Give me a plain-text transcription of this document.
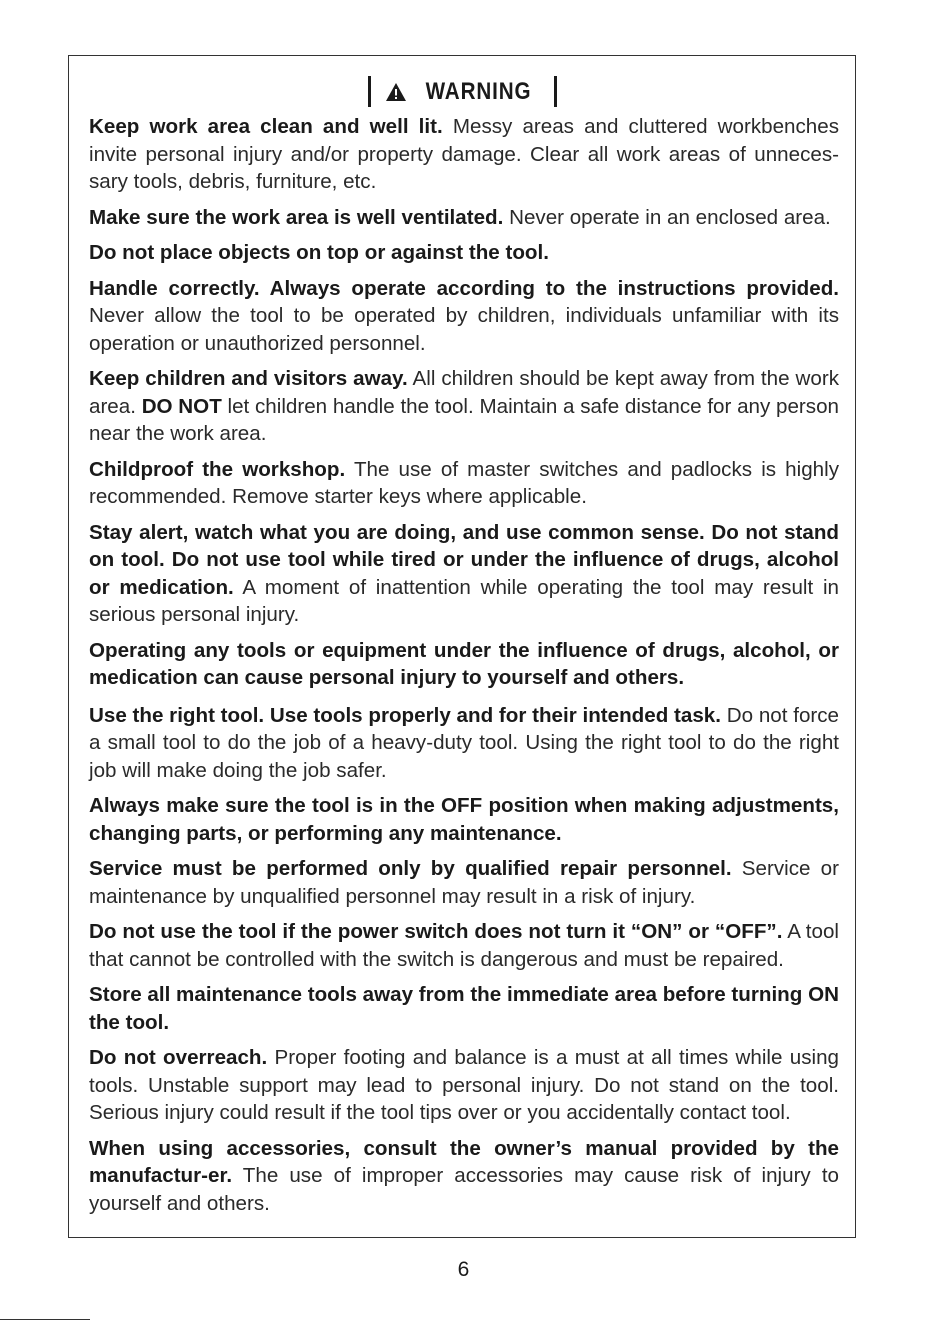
WARNING

Keep work area clean and well lit. Messy areas and cluttered workbenches invite personal injury and/or property damage. Clear all work areas of unneces-sary tools, debris, furniture, etc.

Make sure the work area is well ventilated. Never operate in an enclosed area.

Do not place objects on top or against the tool.

Handle correctly. Always operate according to the instructions provided. Never allow the tool to be operated by children, individuals unfamiliar with its operation or unauthorized personnel.

Keep children and visitors away. All children should be kept away from the work area. DO NOT let children handle the tool. Maintain a safe distance for any person near the work area.

Childproof the workshop. The use of master switches and padlocks is highly recommended. Remove starter keys where applicable.

Stay alert, watch what you are doing, and use common sense. Do not stand on tool. Do not use tool while tired or under the influence of drugs, alcohol or medication. A moment of inattention while operating the tool may result in serious personal injury.

Operating any tools or equipment under the influence of drugs, alcohol, or medication can cause personal injury to yourself and others.

Use the right tool. Use tools properly and for their intended task. Do not force a small tool to do the job of a heavy-duty tool. Using the right tool to do the right job will make doing the job safer.

Always make sure the tool is in the OFF position when making adjustments, changing parts, or performing any maintenance.

Service must be performed only by qualified repair personnel. Service or maintenance by unqualified personnel may result in a risk of injury.

Do not use the tool if the power switch does not turn it “ON” or “OFF”. A tool that cannot be controlled with the switch is dangerous and must be repaired.

Store all maintenance tools away from the immediate area before turning ON the tool.

Do not overreach. Proper footing and balance is a must at all times while using tools. Unstable support may lead to personal injury. Do not stand on the tool. Serious injury could result if the tool tips over or you accidentally contact tool.

When using accessories, consult the owner’s manual provided by the manufactur-er. The use of improper accessories may cause risk of injury to yourself and others.

6
